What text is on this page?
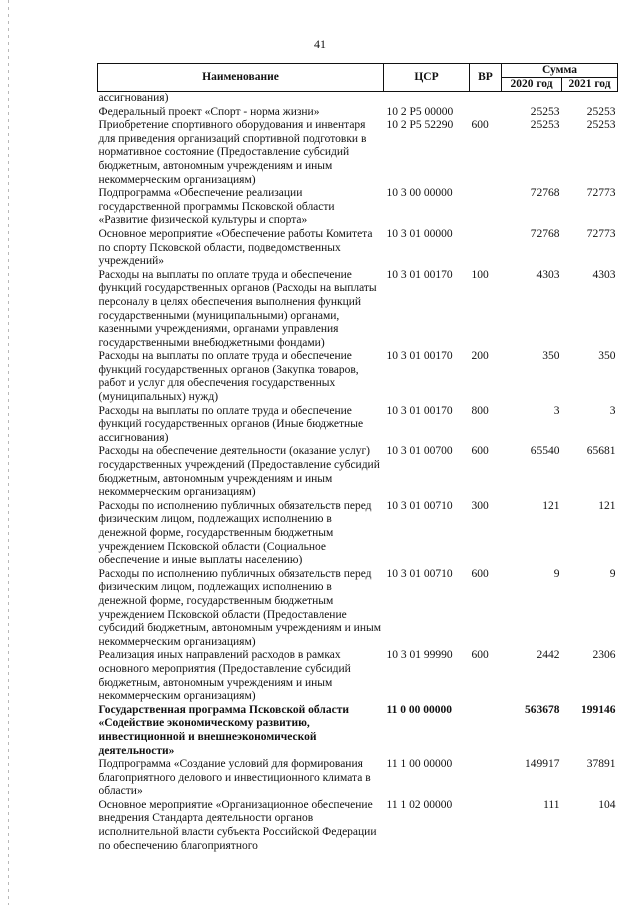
41
Наименование	ЦСР	ВР	Сумма	
			2020 год	2021 год
ассигнования)				
Федеральный проект «Спорт - норма жизни»	10 2 Р5 00000		25253	25253
Приобретение спортивного оборудования и инвентаря для приведения организаций спортивной подготовки в нормативное состояние (Предоставление субсидий бюджетным, автономным учреждениям и иным некоммерческим организациям)	10 2 Р5 52290	600	25253	25253
Подпрограмма «Обеспечение реализации государственной программы Псковской области «Развитие физической культуры и спорта»	10 3 00 00000		72768	72773
Основное мероприятие «Обеспечение работы Комитета по спорту Псковской области, подведомственных учреждений»	10 3 01 00000		72768	72773
Расходы на выплаты по оплате труда и обеспечение функций государственных органов (Расходы на выплаты персоналу в целях обеспечения выполнения функций государственными (муниципальными) органами, казенными учреждениями, органами управления государственными внебюджетными фондами)	10 3 01 00170	100	4303	4303
Расходы на выплаты по оплате труда и обеспечение функций государственных органов (Закупка товаров, работ и услуг для обеспечения государственных (муниципальных) нужд)	10 3 01 00170	200	350	350
Расходы на выплаты по оплате труда и обеспечение функций государственных органов (Иные бюджетные ассигнования)	10 3 01 00170	800	3	3
Расходы на обеспечение деятельности (оказание услуг) государственных учреждений (Предоставление субсидий бюджетным, автономным учреждениям и иным некоммерческим организациям)	10 3 01 00700	600	65540	65681
Расходы по исполнению публичных обязательств перед физическим лицом, подлежащих исполнению в денежной форме, государственным бюджетным учреждением Псковской области (Социальное обеспечение и иные выплаты населению)	10 3 01 00710	300	121	121
Расходы по исполнению публичных обязательств перед физическим лицом, подлежащих исполнению в денежной форме, государственным бюджетным учреждением Псковской области (Предоставление субсидий бюджетным, автономным учреждениям и иным некоммерческим организациям)	10 3 01 00710	600	9	9
Реализация иных направлений расходов в рамках основного мероприятия (Предоставление субсидий бюджетным, автономным учреждениям и иным некоммерческим организациям)	10 3 01 99990	600	2442	2306
Государственная программа Псковской области «Содействие экономическому развитию, инвестиционной и внешнеэкономической деятельности»	11 0 00 00000		563678	199146
Подпрограмма «Создание условий для формирования благоприятного делового и инвестиционного климата в области»	11 1 00 00000		149917	37891
Основное мероприятие «Организационное обеспечение внедрения Стандарта деятельности органов исполнительной власти субъекта Российской Федерации по обеспечению благоприятного	11 1 02 00000		111	104
